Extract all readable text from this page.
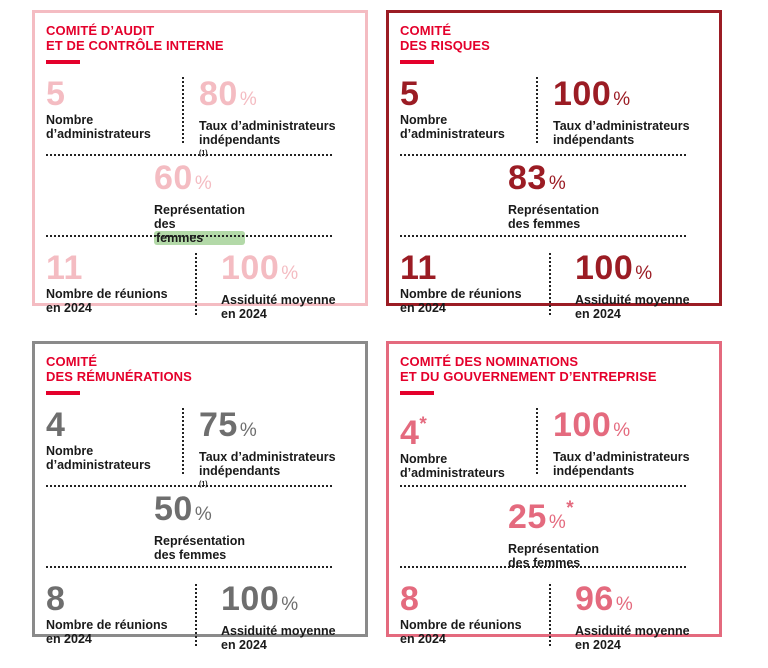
COMITÉ D’AUDIT
ET DE CONTRÔLE INTERNE
5
Nombre
d’administrateurs
80 %
Taux d’administrateurs
indépendants
$^{(1)}$
60 %
Représentation
des
femmes
11
Nombre de réunions
en 2024
100 %
Assiduité moyenne
en 2024
COMITÉ
DES RISQUES
5
Nombre
d’administrateurs
100 %
Taux d’administrateurs
indépendants
83 %
Représentation
des femmes
11
Nombre de réunions
en 2024
100 %
Assiduité moyenne
en 2024
COMITÉ
DES RÉMUNÉRATIONS
4
Nombre
d’administrateurs
75 %
Taux d’administrateurs
indépendants
$^{(1)}$
50 %
Représentation
des femmes
8
Nombre de réunions
en 2024
100 %
Assiduité moyenne
en 2024
COMITÉ DES NOMINATIONS
ET DU GOUVERNEMENT D’ENTREPRISE
4*
Nombre
d’administrateurs
100 %
Taux d’administrateurs
indépendants
25 %*
Représentation
des femmes
8
Nombre de réunions
en 2024
96 %
Assiduité moyenne
en 2024
